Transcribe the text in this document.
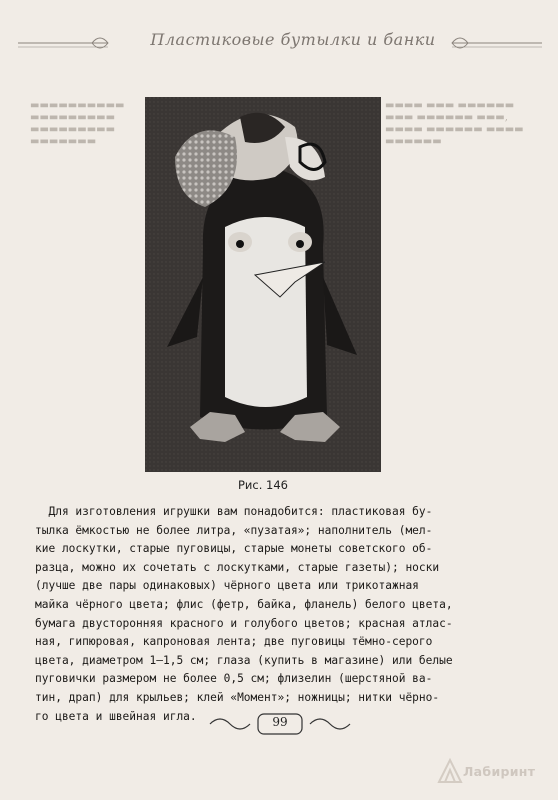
Пластиковые бутылки и банки
▬▬▬▬ ▬▬▬ ▬▬▬▬▬▬
▬▬▬ ▬▬▬▬▬▬ ▬▬▬,
▬▬▬▬ ▬▬▬▬▬▬ ▬▬▬▬
▬▬▬▬▬▬
▬▬▬▬▬▬▬▬▬▬
▬▬▬▬▬▬▬▬▬
▬▬▬▬▬▬▬▬▬
▬▬▬▬▬▬▬
Рис. 146
Для изготовления игрушки вам понадобится: пластиковая бу-
тылка ёмкостью не более литра, «пузатая»; наполнитель (мел-
кие лоскутки, старые пуговицы, старые монеты советского об-
разца, можно их сочетать с лоскутками, старые газеты); носки
(лучше две пары одинаковых) чёрного цвета или трикотажная
майка чёрного цвета; флис (фетр, байка, фланель) белого цвета,
бумага двусторонняя красного и голубого цветов; красная атлас-
ная, гипюровая, капроновая лента; две пуговицы тёмно-серого
цвета, диаметром 1–1,5 см; глаза (купить в магазине) или белые
пуговички размером не более 0,5 см; флизелин (шерстяной ва-
тин, драп) для крыльев; клей «Момент»; ножницы; нитки чёрно-
го цвета и швейная игла.	99
Лабиринт
